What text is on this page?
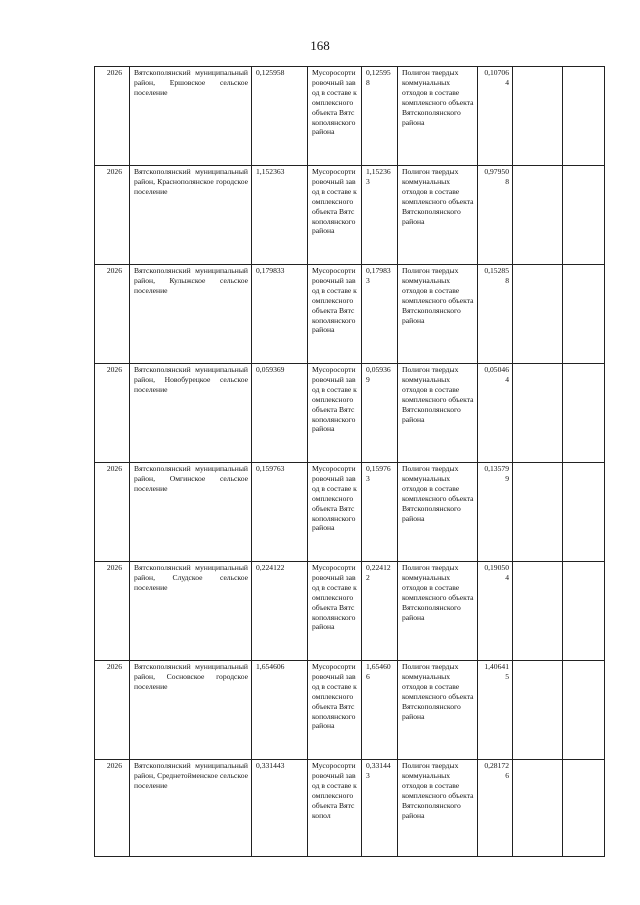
168
2026	Вятскополянский муниципальный район, Ершовское сельское поселение	0,125958	Мусоросортировочный завод в составе комплексного объекта Вятскополянского района	0,125958	Полигон твердых коммунальных отходов в составе комплексного объекта Вятскополянского района	0,107064		
2026	Вятскополянский муниципальный район, Краснополянское городское поселение	1,152363	Мусоросортировочный завод в составе комплексного объекта Вятскополянского района	1,152363	Полигон твердых коммунальных отходов в составе комплексного объекта Вятскополянского района	0,979508		
2026	Вятскополянский муниципальный район, Кулыжское сельское поселение	0,179833	Мусоросортировочный завод в составе комплексного объекта Вятскополянского района	0,179833	Полигон твердых коммунальных отходов в составе комплексного объекта Вятскополянского района	0,152858		
2026	Вятскополянский муниципальный район, Новобурецкое сельское поселение	0,059369	Мусоросортировочный завод в составе комплексного объекта Вятскополянского района	0,059369	Полигон твердых коммунальных отходов в составе комплексного объекта Вятскополянского района	0,050464		
2026	Вятскополянский муниципальный район, Омгинское сельское поселение	0,159763	Мусоросортировочный завод в составе комплексного объекта Вятскополянского района	0,159763	Полигон твердых коммунальных отходов в составе комплексного объекта Вятскополянского района	0,135799		
2026	Вятскополянский муниципальный район, Слудское сельское поселение	0,224122	Мусоросортировочный завод в составе комплексного объекта Вятскополянского района	0,224122	Полигон твердых коммунальных отходов в составе комплексного объекта Вятскополянского района	0,190504		
2026	Вятскополянский муниципальный район, Сосновское городское поселение	1,654606	Мусоросортировочный завод в составе комплексного объекта Вятскополянского района	1,654606	Полигон твердых коммунальных отходов в составе комплексного объекта Вятскополянского района	1,406415		
2026	Вятскополянский муниципальный район, Среднетойменское сельское поселение	0,331443	Мусоросортировочный завод в составе комплексного объекта Вятскопол	0,331443	Полигон твердых коммунальных отходов в составе комплексного объекта Вятскополянского района	0,281726		
